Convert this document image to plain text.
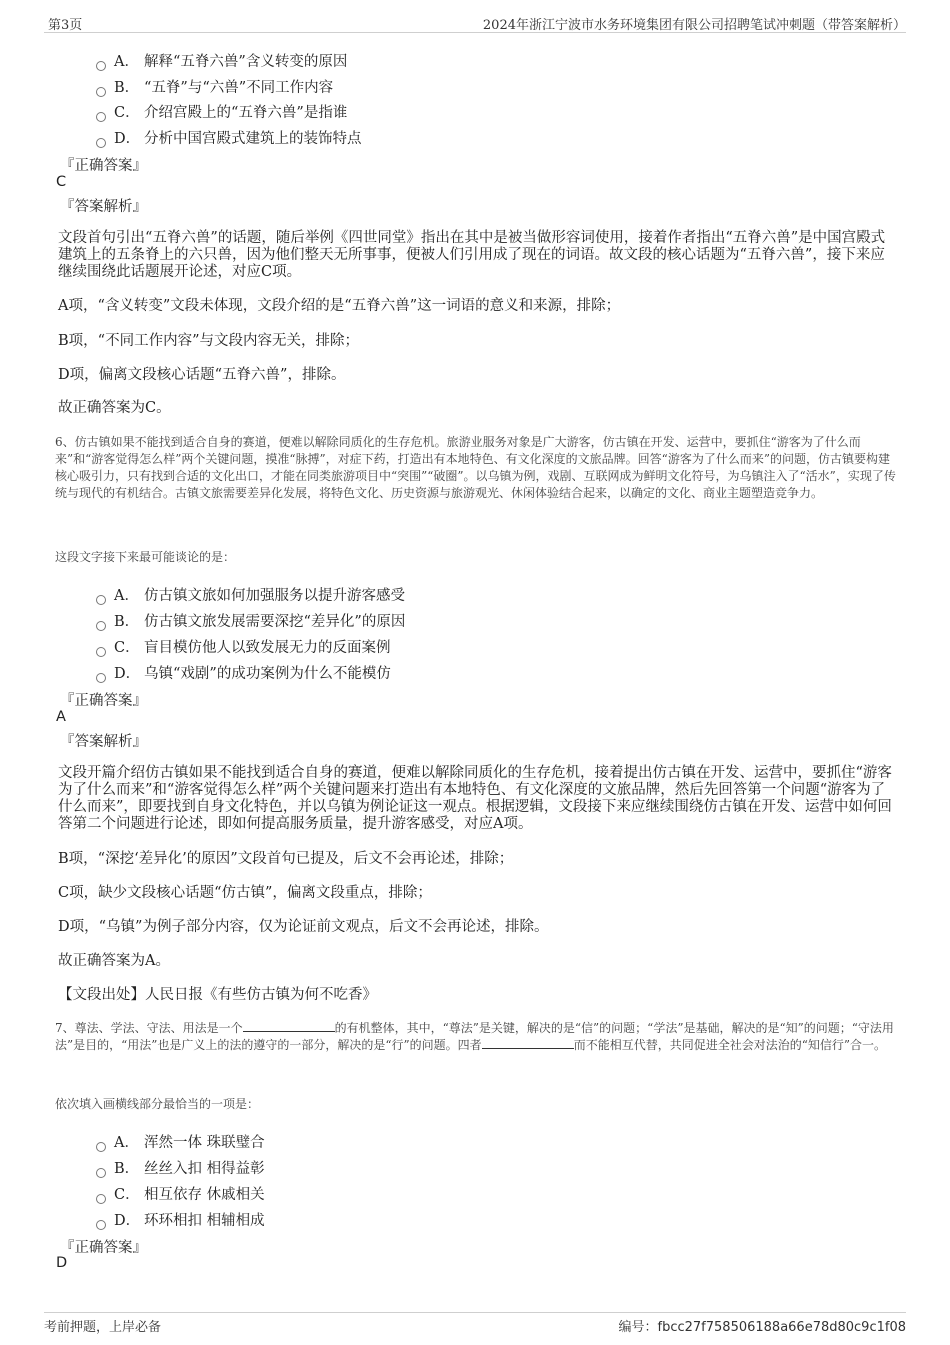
第3页	2024年浙江宁波市水务环境集团有限公司招聘笔试冲刺题（带答案解析）
A． 解释“五脊六兽”含义转变的原因
B． “五脊”与“六兽”不同工作内容
C． 介绍宫殿上的“五脊六兽”是指谁
D． 分析中国宫殿式建筑上的装饰特点
『正确答案』
C
『答案解析』
文段首句引出“五脊六兽”的话题，随后举例《四世同堂》指出在其中是被当做形容词使用，接着作者指出“五脊六兽”是中国宫殿式建筑上的五条脊上的六只兽，因为他们整天无所事事，便被人们引用成了现在的词语。故文段的核心话题为“五脊六兽”，接下来应继续围绕此话题展开论述，对应C项。
A项，“含义转变”文段未体现，文段介绍的是“五脊六兽”这一词语的意义和来源，排除；
B项，“不同工作内容”与文段内容无关，排除；
D项，偏离文段核心话题“五脊六兽”，排除。
故正确答案为C。
6、仿古镇如果不能找到适合自身的赛道，便难以解除同质化的生存危机。旅游业服务对象是广大游客，仿古镇在开发、运营中，要抓住“游客为了什么而来”和“游客觉得怎么样”两个关键问题，摸准“脉搏”，对症下药，打造出有本地特色、有文化深度的文旅品牌。回答“游客为了什么而来”的问题，仿古镇要构建核心吸引力，只有找到合适的文化出口，才能在同类旅游项目中“突围”“破圈”。以乌镇为例，戏剧、互联网成为鲜明文化符号，为乌镇注入了“活水”，实现了传统与现代的有机结合。古镇文旅需要差异化发展，将特色文化、历史资源与旅游观光、休闲体验结合起来，以确定的文化、商业主题塑造竞争力。
这段文字接下来最可能谈论的是：
A． 仿古镇文旅如何加强服务以提升游客感受
B． 仿古镇文旅发展需要深挖“差异化”的原因
C． 盲目模仿他人以致发展无力的反面案例
D． 乌镇“戏剧”的成功案例为什么不能模仿
『正确答案』
A
『答案解析』
文段开篇介绍仿古镇如果不能找到适合自身的赛道，便难以解除同质化的生存危机，接着提出仿古镇在开发、运营中，要抓住“游客为了什么而来”和“游客觉得怎么样”两个关键问题来打造出有本地特色、有文化深度的文旅品牌，然后先回答第一个问题“游客为了什么而来”，即要找到自身文化特色，并以乌镇为例论证这一观点。根据逻辑，文段接下来应继续围绕仿古镇在开发、运营中如何回答第二个问题进行论述，即如何提高服务质量，提升游客感受，对应A项。
B项，“深挖‘差异化’的原因”文段首句已提及，后文不会再论述，排除；
C项，缺少文段核心话题“仿古镇”，偏离文段重点，排除；
D项，“乌镇”为例子部分内容，仅为论证前文观点，后文不会再论述，排除。
故正确答案为A。
【文段出处】人民日报《有些仿古镇为何不吃香》
7、尊法、学法、守法、用法是一个	的有机整体，其中，“尊法”是关键，解决的是“信”的问题；“学法”是基础，解决的是“知”的问题；“守法用法”是目的，“用法”也是广义上的法的遵守的一部分，解决的是“行”的问题。四者	而不能相互代替，共同促进全社会对法治的“知信行”合一。
依次填入画横线部分最恰当的一项是：
A． 浑然一体 珠联璧合
B． 丝丝入扣 相得益彰
C． 相互依存 休戚相关
D． 环环相扣 相辅相成
『正确答案』
D
考前押题，上岸必备	编号：fbcc27f758506188a66e78d80c9c1f08
